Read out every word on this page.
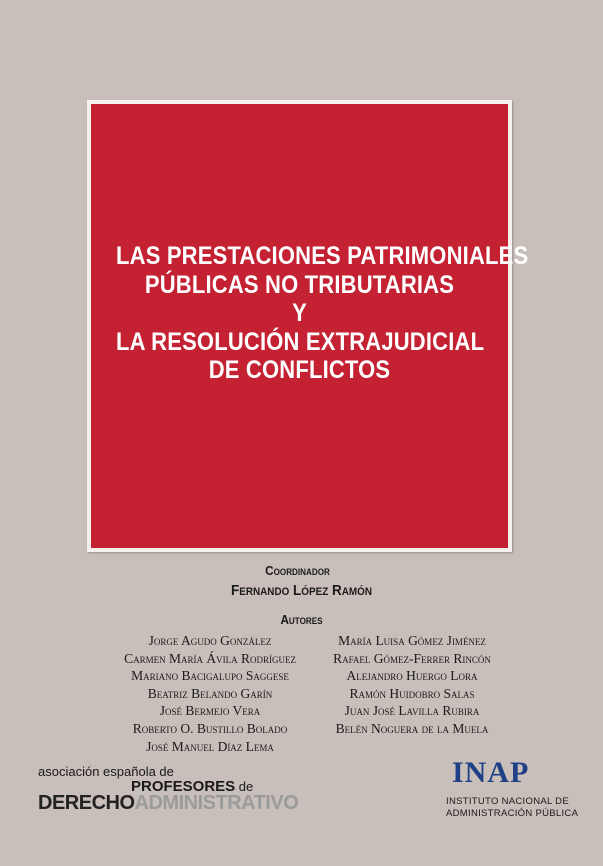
LAS PRESTACIONES PATRIMONIALES
PÚBLICAS NO TRIBUTARIAS
Y
LA RESOLUCIÓN EXTRAJUDICIAL
DE CONFLICTOS
Coordinador
Fernando López Ramón
Autores
Jorge Agudo González
Carmen María Ávila Rodríguez
Mariano Bacigalupo Saggese
Beatriz Belando Garín
José Bermejo Vera
Roberto O. Bustillo Bolado
José Manuel Díaz Lema
María Luisa Gómez Jiménez
Rafael Gómez-Ferrer Rincón
Alejandro Huergo Lora
Ramón Huidobro Salas
Juan José Lavilla Rubira
Belén Noguera de la Muela
asociación española de
PROFESORES de
DERECHOADMINISTRATIVO
INAP
INSTITUTO NACIONAL DE
ADMINISTRACIÓN PÚBLICA
